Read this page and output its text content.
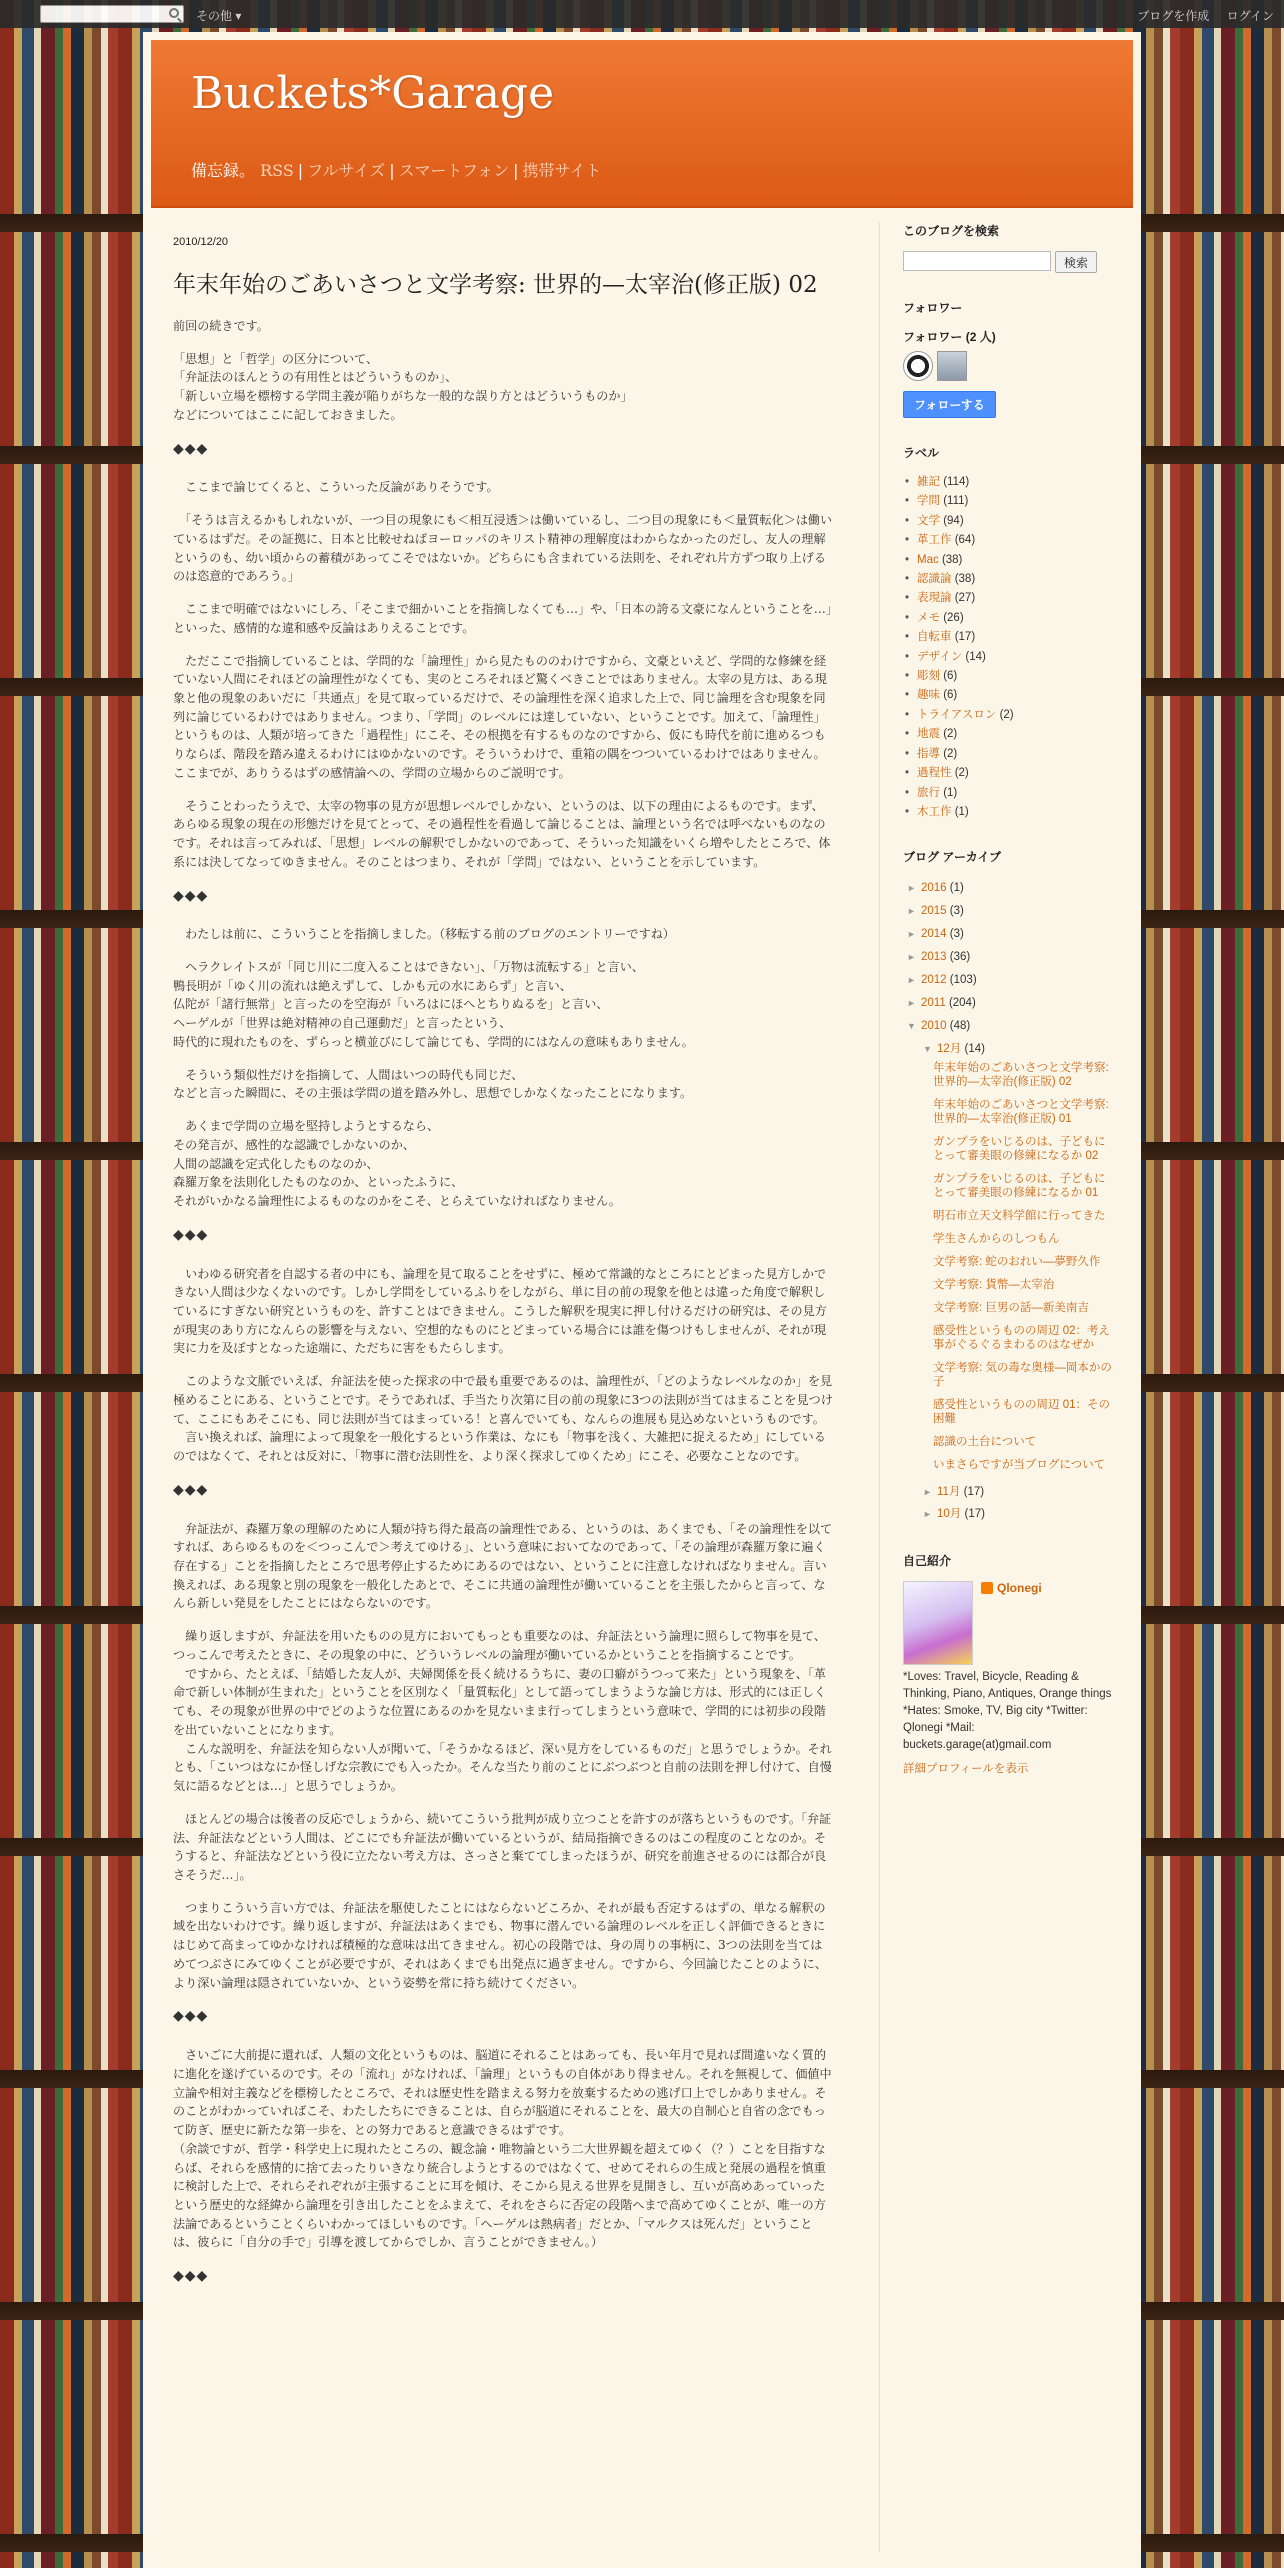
その他 ▾	ブログを作成 ログイン
Buckets*Garage
備忘録。 RSS | フルサイズ | スマートフォン | 携帯サイト
2010/12/20
年末年始のごあいさつと文学考察: 世界的—太宰治(修正版) 02

前回の続きです。

「思想」と「哲学」の区分について、
「弁証法のほんとうの有用性とはどういうものか」、
「新しい立場を標榜する学問主義が陥りがちな一般的な誤り方とはどういうものか」
などについてはここに記しておきました。

◆◆◆

　ここまで論じてくると、こういった反論がありそうです。

　「そうは言えるかもしれないが、一つ目の現象にも＜相互浸透＞は働いているし、二つ目の現象にも＜量質転化＞は働いているはずだ。その証拠に、日本と比較せねばヨーロッパのキリスト精神の理解度はわからなかったのだし、友人の理解というのも、幼い頃からの蓄積があってこそではないか。どちらにも含まれている法則を、それぞれ片方ずつ取り上げるのは恣意的であろう。」

　ここまで明確ではないにしろ、「そこまで細かいことを指摘しなくても…」や、「日本の誇る文豪になんということを…」といった、感情的な違和感や反論はありえることです。

　ただここで指摘していることは、学問的な「論理性」から見たもののわけですから、文豪といえど、学問的な修練を経ていない人間にそれほどの論理性がなくても、実のところそれほど驚くべきことではありません。太宰の見方は、ある現象と他の現象のあいだに「共通点」を見て取っているだけで、その論理性を深く追求した上で、同じ論理を含む現象を同列に論じているわけではありません。つまり、「学問」のレベルには達していない、ということです。加えて、「論理性」というものは、人類が培ってきた「過程性」にこそ、その根拠を有するものなのですから、仮にも時代を前に進めるつもりならば、階段を踏み違えるわけにはゆかないのです。そういうわけで、重箱の隅をつついているわけではありません。
ここまでが、ありうるはずの感情論への、学問の立場からのご説明です。

　そうことわったうえで、太宰の物事の見方が思想レベルでしかない、というのは、以下の理由によるものです。まず、あらゆる現象の現在の形態だけを見てとって、その過程性を看過して論じることは、論理という名では呼べないものなのです。それは言ってみれば、「思想」レベルの解釈でしかないのであって、そういった知識をいくら増やしたところで、体系には決してなってゆきません。そのことはつまり、それが「学問」ではない、ということを示しています。

◆◆◆

　わたしは前に、こういうことを指摘しました。（移転する前のブログのエントリーですね）

　ヘラクレイトスが「同じ川に二度入ることはできない」、「万物は流転する」と言い、
鴨長明が「ゆく川の流れは絶えずして、しかも元の水にあらず」と言い、
仏陀が「諸行無常」と言ったのを空海が「いろはにほへとちりぬるを」と言い、
ヘーゲルが「世界は絶対精神の自己運動だ」と言ったという、
時代的に現れたものを、ずらっと横並びにして論じても、学問的にはなんの意味もありません。

　そういう類似性だけを指摘して、人間はいつの時代も同じだ、
などと言った瞬間に、その主張は学問の道を踏み外し、思想でしかなくなったことになります。

　あくまで学問の立場を堅持しようとするなら、
その発言が、感性的な認識でしかないのか、
人間の認識を定式化したものなのか、
森羅万象を法則化したものなのか、といったふうに、
それがいかなる論理性によるものなのかをこそ、とらえていなければなりません。

◆◆◆

　いわゆる研究者を自認する者の中にも、論理を見て取ることをせずに、極めて常識的なところにとどまった見方しかできない人間は少なくないのです。しかし学問をしているふりをしながら、単に目の前の現象を他とは違った角度で解釈しているにすぎない研究というものを、許すことはできません。こうした解釈を現実に押し付けるだけの研究は、その見方が現実のあり方になんらの影響を与えない、空想的なものにとどまっている場合には誰を傷つけもしませんが、それが現実に力を及ぼすとなった途端に、ただちに害をもたらします。

　このような文脈でいえば、弁証法を使った探求の中で最も重要であるのは、論理性が、「どのようなレベルなのか」を見極めることにある、ということです。そうであれば、手当たり次第に目の前の現象に3つの法則が当てはまることを見つけて、ここにもあそこにも、同じ法則が当てはまっている！と喜んでいても、なんらの進展も見込めないというものです。
　言い換えれば、論理によって現象を一般化するという作業は、なにも「物事を浅く、大雑把に捉えるため」にしているのではなくて、それとは反対に、「物事に潜む法則性を、より深く探求してゆくため」にこそ、必要なことなのです。

◆◆◆

　弁証法が、森羅万象の理解のために人類が持ち得た最高の論理性である、というのは、あくまでも、「その論理性を以てすれば、あらゆるものを＜つっこんで＞考えてゆける」、という意味においてなのであって、「その論理が森羅万象に遍く存在する」ことを指摘したところで思考停止するためにあるのではない、ということに注意しなければなりません。言い換えれば、ある現象と別の現象を一般化したあとで、そこに共通の論理性が働いていることを主張したからと言って、なんら新しい発見をしたことにはならないのです。

　繰り返しますが、弁証法を用いたものの見方においてもっとも重要なのは、弁証法という論理に照らして物事を見て、つっこんで考えたときに、その現象の中に、どういうレベルの論理が働いているかということを指摘することです。
　ですから、たとえば、「結婚した友人が、夫婦関係を長く続けるうちに、妻の口癖がうつって来た」という現象を、「革命で新しい体制が生まれた」ということを区別なく「量質転化」として語ってしまうような論じ方は、形式的には正しくても、その現象が世界の中でどのような位置にあるのかを見ないまま行ってしまうという意味で、学問的には初歩の段階を出ていないことになります。
　こんな説明を、弁証法を知らない人が聞いて、「そうかなるほど、深い見方をしているものだ」と思うでしょうか。それとも、「こいつはなにか怪しげな宗教にでも入ったか。そんな当たり前のことにぶつぶつと自前の法則を押し付けて、自慢気に語るなどとは…」と思うでしょうか。

　ほとんどの場合は後者の反応でしょうから、続いてこういう批判が成り立つことを許すのが落ちというものです。「弁証法、弁証法などという人間は、どこにでも弁証法が働いているというが、結局指摘できるのはこの程度のことなのか。そうすると、弁証法などという役に立たない考え方は、さっさと棄ててしまったほうが、研究を前進させるのには都合が良さそうだ…」。

　つまりこういう言い方では、弁証法を駆使したことにはならないどころか、それが最も否定するはずの、単なる解釈の域を出ないわけです。繰り返しますが、弁証法はあくまでも、物事に潜んでいる論理のレベルを正しく評価できるときにはじめて高まってゆかなければ積極的な意味は出てきません。初心の段階では、身の周りの事柄に、3つの法則を当てはめてつぶさにみてゆくことが必要ですが、それはあくまでも出発点に過ぎません。ですから、今回論じたことのように、より深い論理は隠されていないか、という姿勢を常に持ち続けてください。

◆◆◆

　さいごに大前提に還れば、人類の文化というものは、脳道にそれることはあっても、長い年月で見れば間違いなく質的に進化を遂げているのです。その「流れ」がなければ、「論理」というもの自体があり得ません。それを無視して、価値中立論や相対主義などを標榜したところで、それは歴史性を踏まえる努力を放棄するための逃げ口上でしかありません。そのことがわかっていればこそ、わたしたちにできることは、自らが脳道にそれることを、最大の自制心と自省の念でもって防ぎ、歴史に新たな第一歩を、との努力であると意識できるはずです。
（余談ですが、哲学・科学史上に現れたところの、観念論・唯物論という二大世界観を超えてゆく（？）ことを目指すならば、それらを感情的に捨て去ったりいきなり統合しようとするのではなくて、せめてそれらの生成と発展の過程を慎重に検討した上で、それらそれぞれが主張することに耳を傾け、そこから見える世界を見開きし、互いが高めあっていったという歴史的な経緯から論理を引き出したことをふまえて、それをさらに否定の段階へまで高めてゆくことが、唯一の方法論であるということくらいわかってほしいものです。「ヘーゲルは熱病者」だとか、「マルクスは死んだ」ということは、彼らに「自分の手で」引導を渡してからでしか、言うことができません。）

◆◆◆

このブログを検索
検索
フォロワー
フォロワー (2 人)
フォローする
ラベル
• 雑記 (114)
• 学問 (111)
• 文学 (94)
• 革工作 (64)
• Mac (38)
• 認識論 (38)
• 表現論 (27)
• メモ (26)
• 自転車 (17)
• デザイン (14)
• 彫刻 (6)
• 趣味 (6)
• トライアスロン (2)
• 地震 (2)
• 指導 (2)
• 過程性 (2)
• 旅行 (1)
• 木工作 (1)
ブログ アーカイブ
► 2016 (1)
► 2015 (3)
► 2014 (3)
► 2013 (36)
► 2012 (103)
► 2011 (204)
▼ 2010 (48)
▼ 12月 (14)
年末年始のごあいさつと文学考察: 世界的—太宰治(修正版) 02
年末年始のごあいさつと文学考察: 世界的—太宰治(修正版) 01
ガンプラをいじるのは、子どもにとって審美眼の修練になるか 02
ガンプラをいじるのは、子どもにとって審美眼の修練になるか 01
明石市立天文科学館に行ってきた
学生さんからのしつもん
文学考察: 蛇のおれい—夢野久作
文学考察: 貨幣—太宰治
文学考察: 巨男の話—新美南吉
感受性というものの周辺 02：考え事がぐるぐるまわるのはなぜか
文学考察: 気の毒な奥様—岡本かの子
感受性というものの周辺 01：その困難
認識の土台について
いまさらですが当ブログについて
► 11月 (17)
► 10月 (17)
自己紹介
Qlonegi
*Loves: Travel, Bicycle, Reading & Thinking, Piano, Antiques, Orange things *Hates: Smoke, TV, Big city *Twitter: Qlonegi *Mail: buckets.garage(at)gmail.com
詳細プロフィールを表示
